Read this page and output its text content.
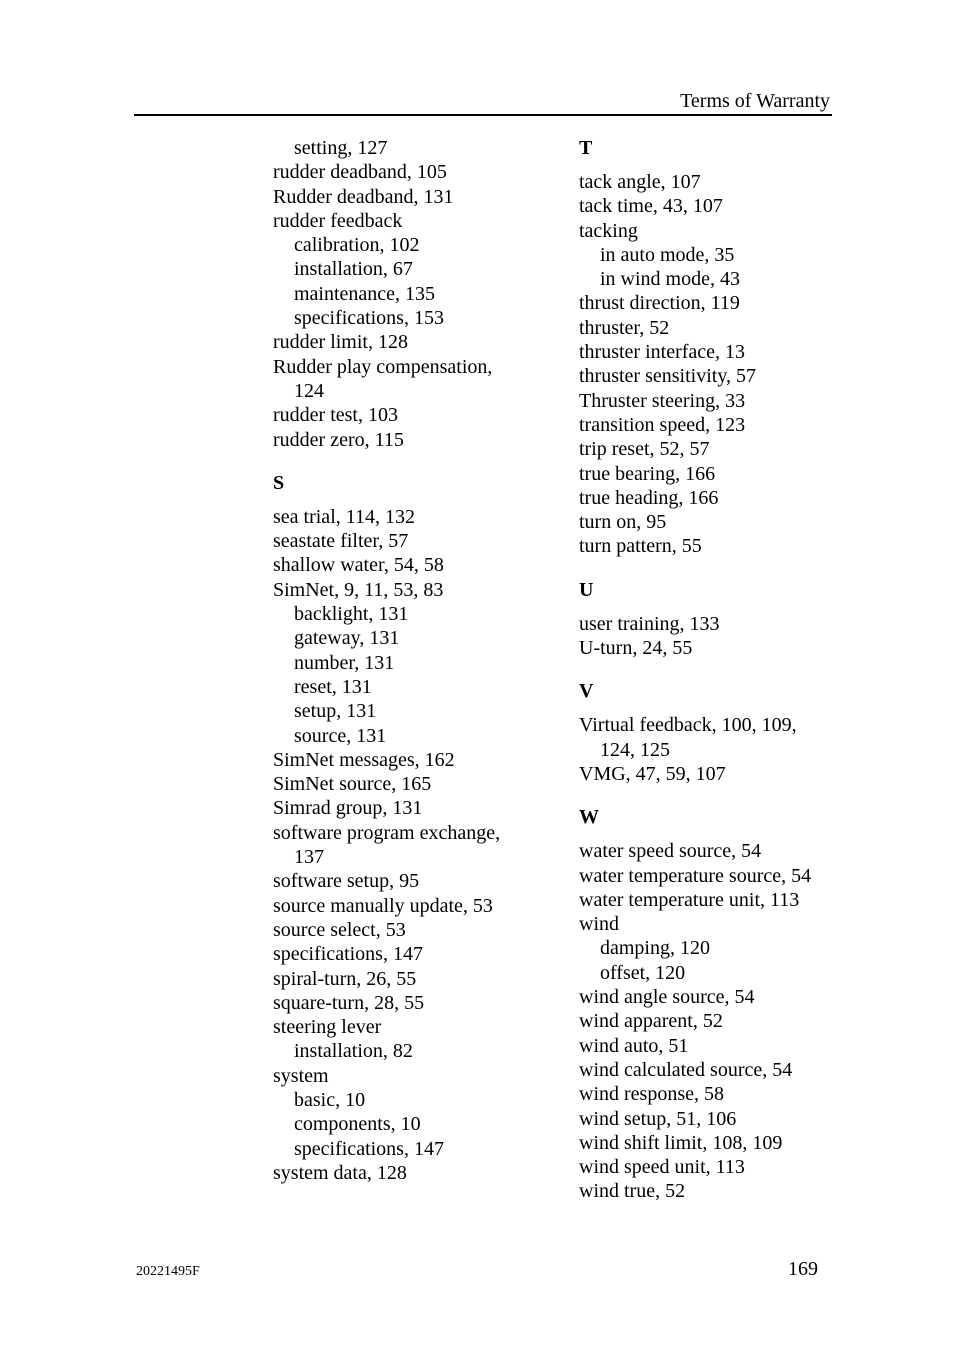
Terms of Warranty
setting, 127
rudder deadband, 105
Rudder deadband, 131
rudder feedback
calibration, 102
installation, 67
maintenance, 135
specifications, 153
rudder limit, 128
Rudder play compensation,
124
rudder test, 103
rudder zero, 115
S
sea trial, 114, 132
seastate filter, 57
shallow water, 54, 58
SimNet, 9, 11, 53, 83
backlight, 131
gateway, 131
number, 131
reset, 131
setup, 131
source, 131
SimNet messages, 162
SimNet source, 165
Simrad group, 131
software program exchange,
137
software setup, 95
source manually update, 53
source select, 53
specifications, 147
spiral-turn, 26, 55
square-turn, 28, 55
steering lever
installation, 82
system
basic, 10
components, 10
specifications, 147
system data, 128
T
tack angle, 107
tack time, 43, 107
tacking
in auto mode, 35
in wind mode, 43
thrust direction, 119
thruster, 52
thruster interface, 13
thruster sensitivity, 57
Thruster steering, 33
transition speed, 123
trip reset, 52, 57
true bearing, 166
true heading, 166
turn on, 95
turn pattern, 55
U
user training, 133
U-turn, 24, 55
V
Virtual feedback, 100, 109,
124, 125
VMG, 47, 59, 107
W
water speed source, 54
water temperature source, 54
water temperature unit, 113
wind
damping, 120
offset, 120
wind angle source, 54
wind apparent, 52
wind auto, 51
wind calculated source, 54
wind response, 58
wind setup, 51, 106
wind shift limit, 108, 109
wind speed unit, 113
wind true, 52
20221495F	169
